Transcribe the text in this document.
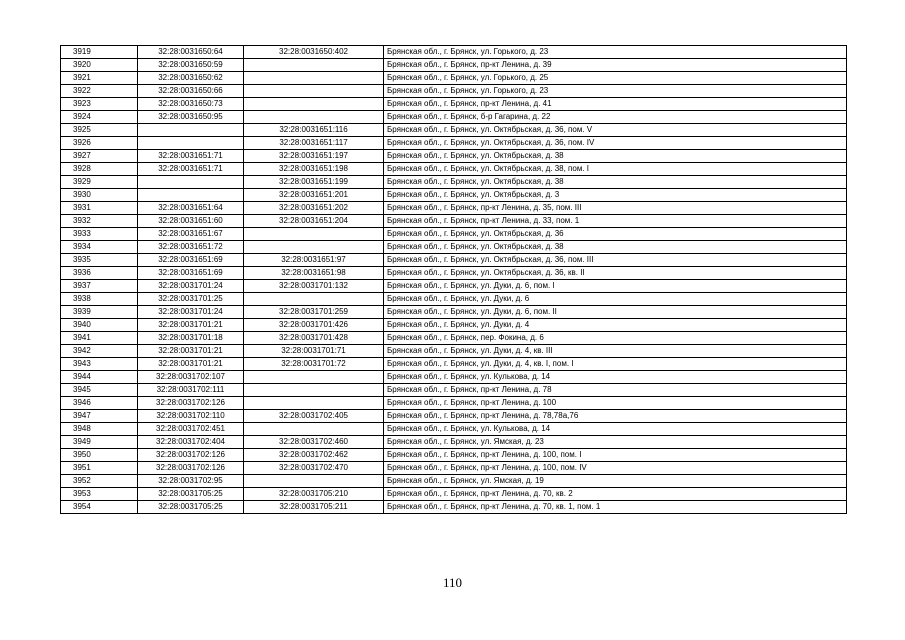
3919	32:28:0031650:64	32:28:0031650:402	Брянская обл., г. Брянск, ул. Горького, д. 23
3920	32:28:0031650:59		Брянская обл., г. Брянск, пр-кт Ленина, д. 39
3921	32:28:0031650:62		Брянская обл., г. Брянск, ул. Горького, д. 25
3922	32:28:0031650:66		Брянская обл., г. Брянск, ул. Горького, д. 23
3923	32:28:0031650:73		Брянская обл., г. Брянск, пр-кт Ленина, д. 41
3924	32:28:0031650:95		Брянская обл., г. Брянск, б-р Гагарина, д. 22
3925		32:28:0031651:116	Брянская обл., г. Брянск, ул. Октябрьская, д. 36, пом. V
3926		32:28:0031651:117	Брянская обл., г. Брянск, ул. Октябрьская, д. 36, пом. IV
3927	32:28:0031651:71	32:28:0031651:197	Брянская обл., г. Брянск, ул. Октябрьская, д. 38
3928	32:28:0031651:71	32:28:0031651:198	Брянская обл., г. Брянск, ул. Октябрьская, д. 38, пом. I
3929		32:28:0031651:199	Брянская обл., г. Брянск, ул. Октябрьская, д. 38
3930		32:28:0031651:201	Брянская обл., г. Брянск, ул. Октябрьская, д. 3
3931	32:28:0031651:64	32:28:0031651:202	Брянская обл., г. Брянск, пр-кт Ленина, д. 35, пом. III
3932	32:28:0031651:60	32:28:0031651:204	Брянская обл., г. Брянск, пр-кт Ленина, д. 33, пом. 1
3933	32:28:0031651:67		Брянская обл., г. Брянск, ул. Октябрьская, д. 36
3934	32:28:0031651:72		Брянская обл., г. Брянск, ул. Октябрьская, д. 38
3935	32:28:0031651:69	32:28:0031651:97	Брянская обл., г. Брянск, ул. Октябрьская, д. 36, пом. III
3936	32:28:0031651:69	32:28:0031651:98	Брянская обл., г. Брянск, ул. Октябрьская, д. 36, кв. II
3937	32:28:0031701:24	32:28:0031701:132	Брянская обл., г. Брянск, ул. Дуки, д. 6, пом. I
3938	32:28:0031701:25		Брянская обл., г. Брянск, ул. Дуки, д. 6
3939	32:28:0031701:24	32:28:0031701:259	Брянская обл., г. Брянск, ул. Дуки, д. 6, пом. II
3940	32:28:0031701:21	32:28:0031701:426	Брянская обл., г. Брянск, ул. Дуки, д. 4
3941	32:28:0031701:18	32:28:0031701:428	Брянская обл., г. Брянск, пер. Фокина, д. 6
3942	32:28:0031701:21	32:28:0031701:71	Брянская обл., г. Брянск, ул. Дуки, д. 4, кв. III
3943	32:28:0031701:21	32:28:0031701:72	Брянская обл., г. Брянск, ул. Дуки, д. 4, кв. I, пом. I
3944	32:28:0031702:107		Брянская обл., г. Брянск, ул. Кулькова, д. 14
3945	32:28:0031702:111		Брянская обл., г. Брянск, пр-кт Ленина, д. 78
3946	32:28:0031702:126		Брянская обл., г. Брянск, пр-кт Ленина, д. 100
3947	32:28:0031702:110	32:28:0031702:405	Брянская обл., г. Брянск, пр-кт Ленина, д. 78,78а,76
3948	32:28:0031702:451		Брянская обл., г. Брянск, ул. Кулькова, д. 14
3949	32:28:0031702:404	32:28:0031702:460	Брянская обл., г. Брянск, ул. Ямская, д. 23
3950	32:28:0031702:126	32:28:0031702:462	Брянская обл., г. Брянск, пр-кт Ленина, д. 100, пом. I
3951	32:28:0031702:126	32:28:0031702:470	Брянская обл., г. Брянск, пр-кт Ленина, д. 100, пом. IV
3952	32:28:0031702:95		Брянская обл., г. Брянск, ул. Ямская, д. 19
3953	32:28:0031705:25	32:28:0031705:210	Брянская обл., г. Брянск, пр-кт Ленина, д. 70, кв. 2
3954	32:28:0031705:25	32:28:0031705:211	Брянская обл., г. Брянск, пр-кт Ленина, д. 70, кв. 1, пом. 1
110
